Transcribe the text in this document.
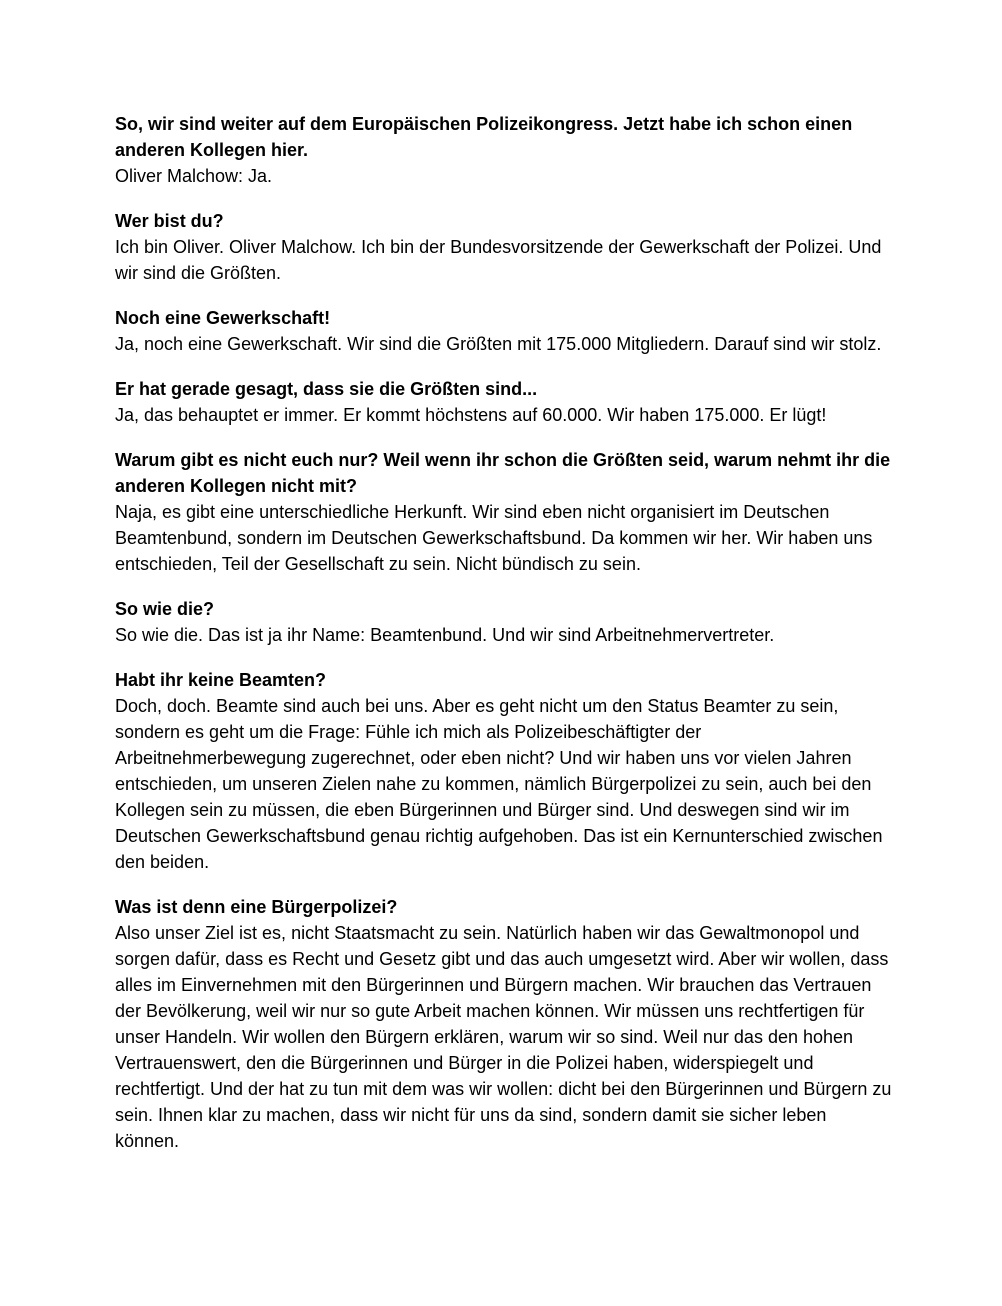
So, wir sind weiter auf dem Europäischen Polizeikongress. Jetzt habe ich schon einen anderen Kollegen hier.

Oliver Malchow: Ja.

Wer bist du?

Ich bin Oliver. Oliver Malchow. Ich bin der Bundesvorsitzende der Gewerkschaft der Polizei. Und wir sind die Größten.

Noch eine Gewerkschaft!

Ja, noch eine Gewerkschaft. Wir sind die Größten mit 175.000 Mitgliedern. Darauf sind wir stolz.

Er hat gerade gesagt, dass sie die Größten sind...

Ja, das behauptet er immer. Er kommt höchstens auf 60.000. Wir haben 175.000. Er lügt!

Warum gibt es nicht euch nur? Weil wenn ihr schon die Größten seid, warum nehmt ihr die anderen Kollegen nicht mit?

Naja, es gibt eine unterschiedliche Herkunft. Wir sind eben nicht organisiert im Deutschen Beamtenbund, sondern im Deutschen Gewerkschaftsbund. Da kommen wir her. Wir haben uns entschieden, Teil der Gesellschaft zu sein. Nicht bündisch zu sein.

So wie die?

So wie die. Das ist ja ihr Name: Beamtenbund. Und wir sind Arbeitnehmervertreter.

Habt ihr keine Beamten?

Doch, doch. Beamte sind auch bei uns. Aber es geht nicht um den Status Beamter zu sein, sondern es geht um die Frage: Fühle ich mich als Polizeibeschäftigter der Arbeitnehmerbewegung zugerechnet, oder eben nicht? Und wir haben uns vor vielen Jahren entschieden, um unseren Zielen nahe zu kommen, nämlich Bürgerpolizei zu sein, auch bei den Kollegen sein zu müssen, die eben Bürgerinnen und Bürger sind. Und deswegen sind wir im Deutschen Gewerkschaftsbund genau richtig aufgehoben. Das ist ein Kernunterschied zwischen den beiden.

Was ist denn eine Bürgerpolizei?

Also unser Ziel ist es, nicht Staatsmacht zu sein. Natürlich haben wir das Gewaltmonopol und sorgen dafür, dass es Recht und Gesetz gibt und das auch umgesetzt wird. Aber wir wollen, dass alles im Einvernehmen mit den Bürgerinnen und Bürgern machen. Wir brauchen das Vertrauen der Bevölkerung, weil wir nur so gute Arbeit machen können. Wir müssen uns rechtfertigen für unser Handeln. Wir wollen den Bürgern erklären, warum wir so sind. Weil nur das den hohen Vertrauenswert, den die Bürgerinnen und Bürger in die Polizei haben, widerspiegelt und rechtfertigt. Und der hat zu tun mit dem was wir wollen: dicht bei den Bürgerinnen und Bürgern zu sein. Ihnen klar zu machen, dass wir nicht für uns da sind, sondern damit sie sicher leben können.
